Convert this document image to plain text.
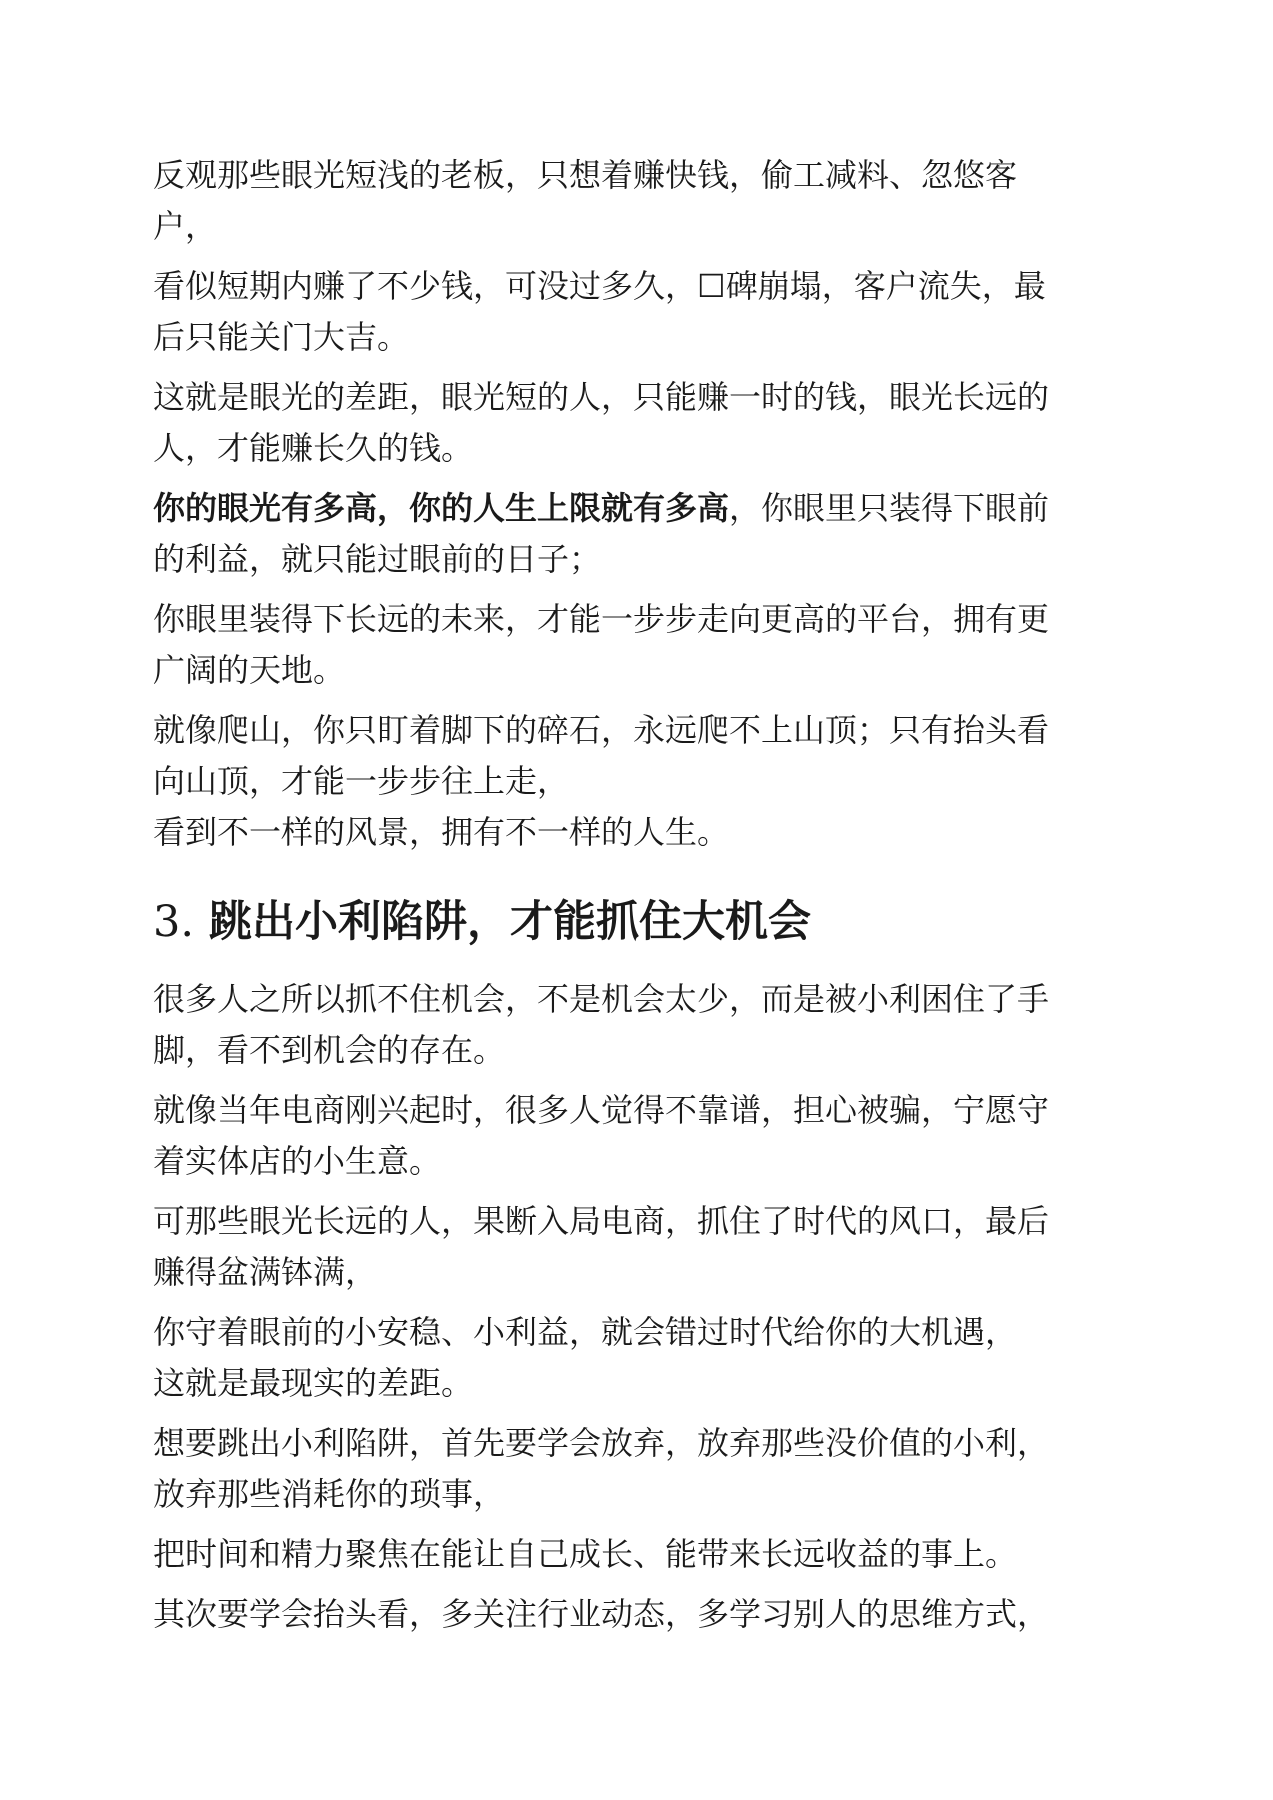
反观那些眼光短浅的老板，只想着赚快钱，偷工减料、忽悠客
户，

看似短期内赚了不少钱，可没过多久，☐碑崩塌，客户流失，最
后只能关门大吉。

这就是眼光的差距，眼光短的人，只能赚一时的钱，眼光长远的
人，才能赚长久的钱。

你的眼光有多高，你的人生上限就有多高，你眼里只装得下眼前
的利益，就只能过眼前的日子；

你眼里装得下长远的未来，才能一步步走向更高的平台，拥有更
广阔的天地。

就像爬山，你只盯着脚下的碎石，永远爬不上山顶；只有抬头看
向山顶，才能一步步往上走，

看到不一样的风景，拥有不一样的人生。

3. 跳出小利陷阱，才能抓住大机会

很多人之所以抓不住机会，不是机会太少，而是被小利困住了手
脚，看不到机会的存在。

就像当年电商刚兴起时，很多人觉得不靠谱，担心被骗，宁愿守
着实体店的小生意。

可那些眼光长远的人，果断入局电商，抓住了时代的风口，最后
赚得盆满钵满，

你守着眼前的小安稳、小利益，就会错过时代给你的大机遇，
这就是最现实的差距。

想要跳出小利陷阱，首先要学会放弃，放弃那些没价值的小利，
放弃那些消耗你的琐事，

把时间和精力聚焦在能让自己成长、能带来长远收益的事上。

其次要学会抬头看，多关注行业动态，多学习别人的思维方式，
